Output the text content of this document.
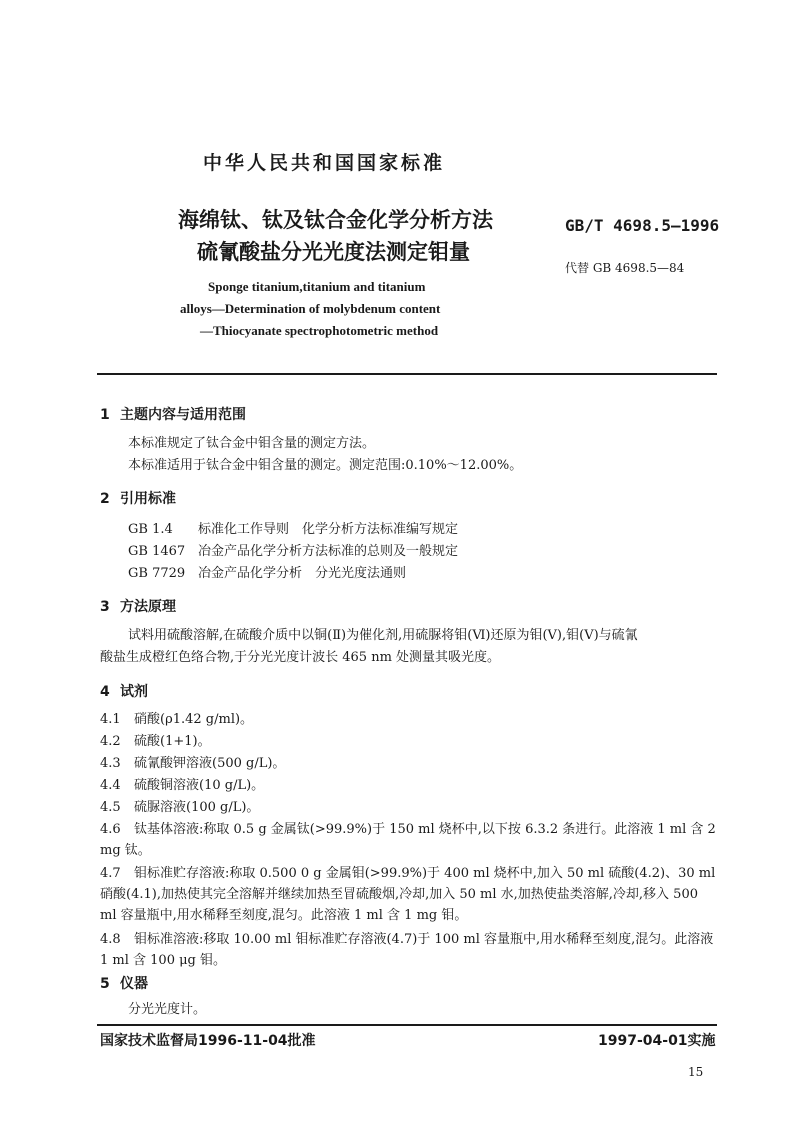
中华人民共和国国家标准
海绵钛、钛及钛合金化学分析方法
硫氰酸盐分光光度法测定钼量
GB/T 4698.5—1996
代替 GB 4698.5—84
Sponge titanium,titanium and titanium
alloys—Determination of molybdenum content
—Thiocyanate spectrophotometric method
1 主题内容与适用范围
本标准规定了钛合金中钼含量的测定方法。
本标准适用于钛合金中钼含量的测定。测定范围:0.10%～12.00%。
2 引用标准
GB 1.4 标准化工作导则　化学分析方法标准编写规定
GB 1467 冶金产品化学分析方法标准的总则及一般规定
GB 7729 冶金产品化学分析　分光光度法通则
3 方法原理
试料用硫酸溶解,在硫酸介质中以铜(Ⅱ)为催化剂,用硫脲将钼(Ⅵ)还原为钼(Ⅴ),钼(Ⅴ)与硫氰
酸盐生成橙红色络合物,于分光光度计波长 465 nm 处测量其吸光度。
4 试剂
4.1 硝酸(ρ1.42 g/ml)。
4.2 硫酸(1+1)。
4.3 硫氰酸钾溶液(500 g/L)。
4.4 硫酸铜溶液(10 g/L)。
4.5 硫脲溶液(100 g/L)。
4.6 钛基体溶液:称取 0.5 g 金属钛(>99.9%)于 150 ml 烧杯中,以下按 6.3.2 条进行。此溶液 1 ml 含 2 mg 钛。
4.7 钼标准贮存溶液:称取 0.500 0 g 金属钼(>99.9%)于 400 ml 烧杯中,加入 50 ml 硫酸(4.2)、30 ml硝酸(4.1),加热使其完全溶解并继续加热至冒硫酸烟,冷却,加入 50 ml 水,加热使盐类溶解,冷却,移入 500 ml 容量瓶中,用水稀释至刻度,混匀。此溶液 1 ml 含 1 mg 钼。
4.8 钼标准溶液:移取 10.00 ml 钼标准贮存溶液(4.7)于 100 ml 容量瓶中,用水稀释至刻度,混匀。此溶液 1 ml 含 100 μg 钼。
5 仪器
分光光度计。
国家技术监督局1996-11-04批准	1997-04-01实施
15
